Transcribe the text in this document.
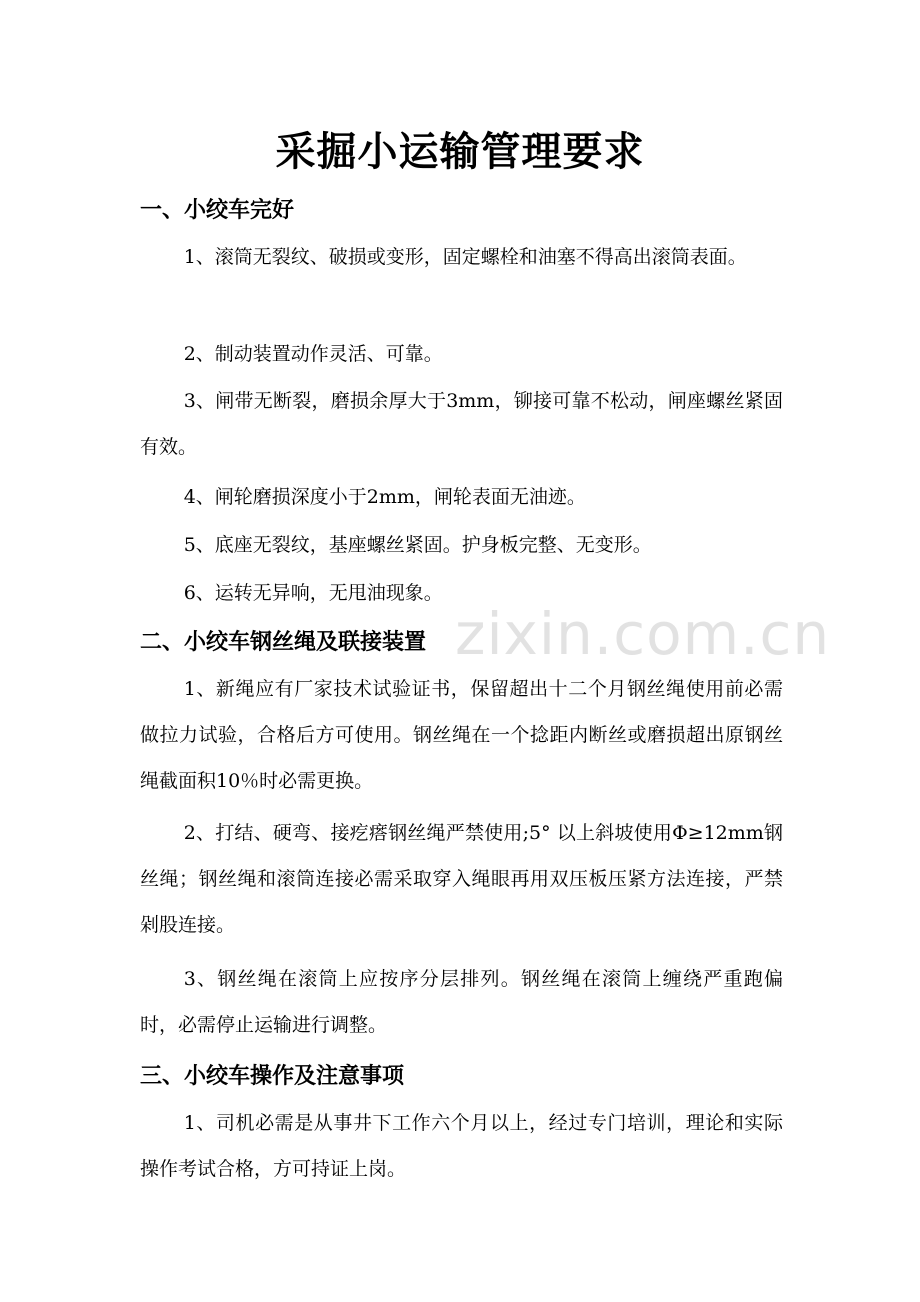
zixin.com.cn
采掘小运输管理要求
一、小绞车完好

1、滚筒无裂纹、破损或变形，固定螺栓和油塞不得高出滚筒表面。

2、制动装置动作灵活、可靠。

3、闸带无断裂，磨损余厚大于3mm，铆接可靠不松动，闸座螺丝紧固有效。

4、闸轮磨损深度小于2mm，闸轮表面无油迹。

5、底座无裂纹，基座螺丝紧固。护身板完整、无变形。

6、运转无异响，无甩油现象。

二、小绞车钢丝绳及联接装置

1、新绳应有厂家技术试验证书，保留超出十二个月钢丝绳使用前必需做拉力试验，合格后方可使用。钢丝绳在一个捻距内断丝或磨损超出原钢丝绳截面积10％时必需更换。

2、打结、硬弯、接疙瘩钢丝绳严禁使用;5° 以上斜坡使用Φ≥12mm钢丝绳；钢丝绳和滚筒连接必需采取穿入绳眼再用双压板压紧方法连接，严禁剁股连接。

3、钢丝绳在滚筒上应按序分层排列。钢丝绳在滚筒上缠绕严重跑偏时，必需停止运输进行调整。

三、小绞车操作及注意事项

1、司机必需是从事井下工作六个月以上，经过专门培训，理论和实际操作考试合格，方可持证上岗。
